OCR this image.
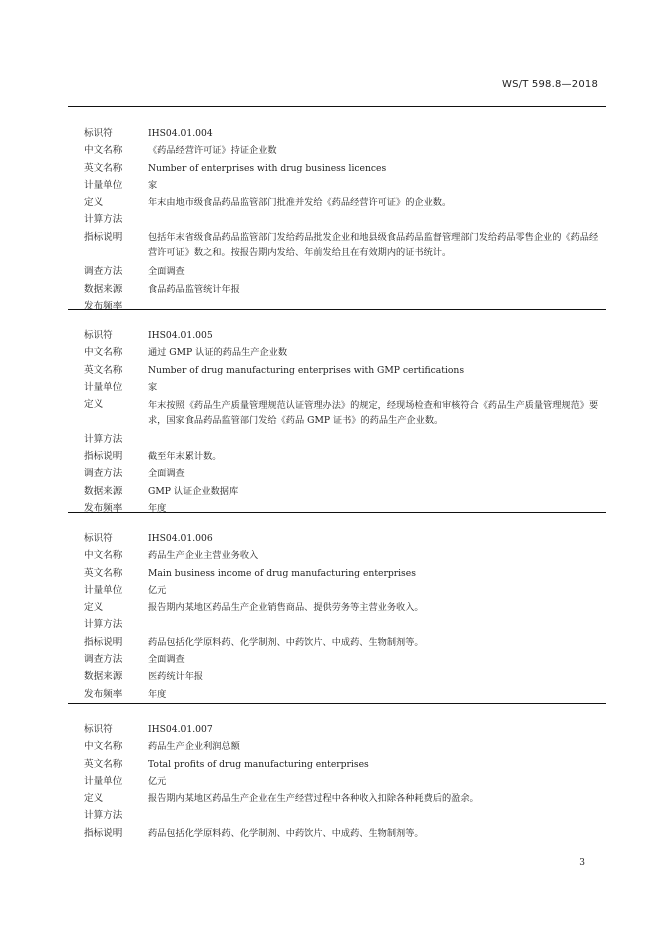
WS/T 598.8—2018
标识符	IHS04.01.004
中文名称	《药品经营许可证》持证企业数
英文名称	Number of enterprises with drug business licences
计量单位	家
定义	年末由地市级食品药品监管部门批准并发给《药品经营许可证》的企业数。
计算方法
指标说明	包括年末省级食品药品监管部门发给药品批发企业和地县级食品药品监督管理部门发给药品零售企业的《药品经营许可证》数之和。按报告期内发给、年前发给且在有效期内的证书统计。
调查方法	全面调查
数据来源	食品药品监管统计年报
发布频率
标识符	IHS04.01.005
中文名称	通过 GMP 认证的药品生产企业数
英文名称	Number of drug manufacturing enterprises with GMP certifications
计量单位	家
定义	年末按照《药品生产质量管理规范认证管理办法》的规定，经现场检查和审核符合《药品生产质量管理规范》要求，国家食品药品监管部门发给《药品 GMP 证书》的药品生产企业数。
计算方法
指标说明	截至年末累计数。
调查方法	全面调查
数据来源	GMP 认证企业数据库
发布频率	年度
标识符	IHS04.01.006
中文名称	药品生产企业主营业务收入
英文名称	Main business income of drug manufacturing enterprises
计量单位	亿元
定义	报告期内某地区药品生产企业销售商品、提供劳务等主营业务收入。
计算方法
指标说明	药品包括化学原料药、化学制剂、中药饮片、中成药、生物制剂等。
调查方法	全面调查
数据来源	医药统计年报
发布频率	年度
标识符	IHS04.01.007
中文名称	药品生产企业利润总额
英文名称	Total profits of drug manufacturing enterprises
计量单位	亿元
定义	报告期内某地区药品生产企业在生产经营过程中各种收入扣除各种耗费后的盈余。
计算方法
指标说明	药品包括化学原料药、化学制剂、中药饮片、中成药、生物制剂等。
3
